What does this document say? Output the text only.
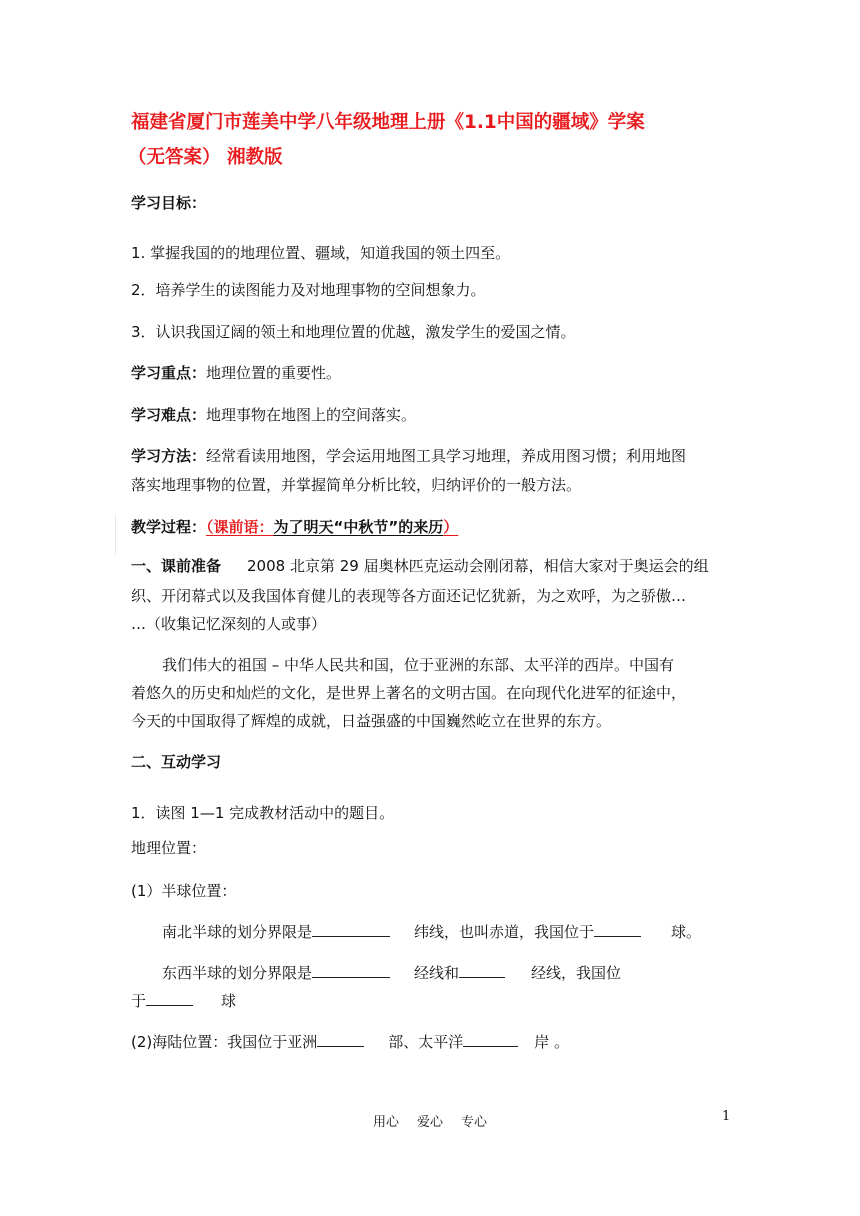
福建省厦门市莲美中学八年级地理上册《1.1中国的疆域》学案
（无答案） 湘教版
学习目标：
1. 掌握我国的的地理位置、疆域，知道我国的领土四至。
2．培养学生的读图能力及对地理事物的空间想象力。
3．认识我国辽阔的领土和地理位置的优越，激发学生的爱国之情。
学习重点：地理位置的重要性。
学习难点：地理事物在地图上的空间落实。
学习方法：经常看读用地图，学会运用地图工具学习地理，养成用图习惯；利用地图
落实地理事物的位置，并掌握简单分析比较，归纳评价的一般方法。
教学过程：（课前语：为了明天“中秋节”的来历）
一、课前准备 2008 北京第 29 届奥林匹克运动会刚闭幕，相信大家对于奥运会的组
织、开闭幕式以及我国体育健儿的表现等各方面还记忆犹新，为之欢呼，为之骄傲…
…（收集记忆深刻的人或事）
我们伟大的祖国 – 中华人民共和国，位于亚洲的东部、太平洋的西岸。中国有
着悠久的历史和灿烂的文化，是世界上著名的文明古国。在向现代化进军的征途中，
今天的中国取得了辉煌的成就，日益强盛的中国巍然屹立在世界的东方。
二、互动学习
1．读图 1—1 完成教材活动中的题目。
地理位置：
(1）半球位置：
南北半球的划分界限是	纬线，也叫赤道，我国位于	球。
东西半球的划分界限是	经线和	经线，我国位
于	球
(2)海陆位置：我国位于亚洲	部、太平洋	岸 。
用心 爱心 专心	1
